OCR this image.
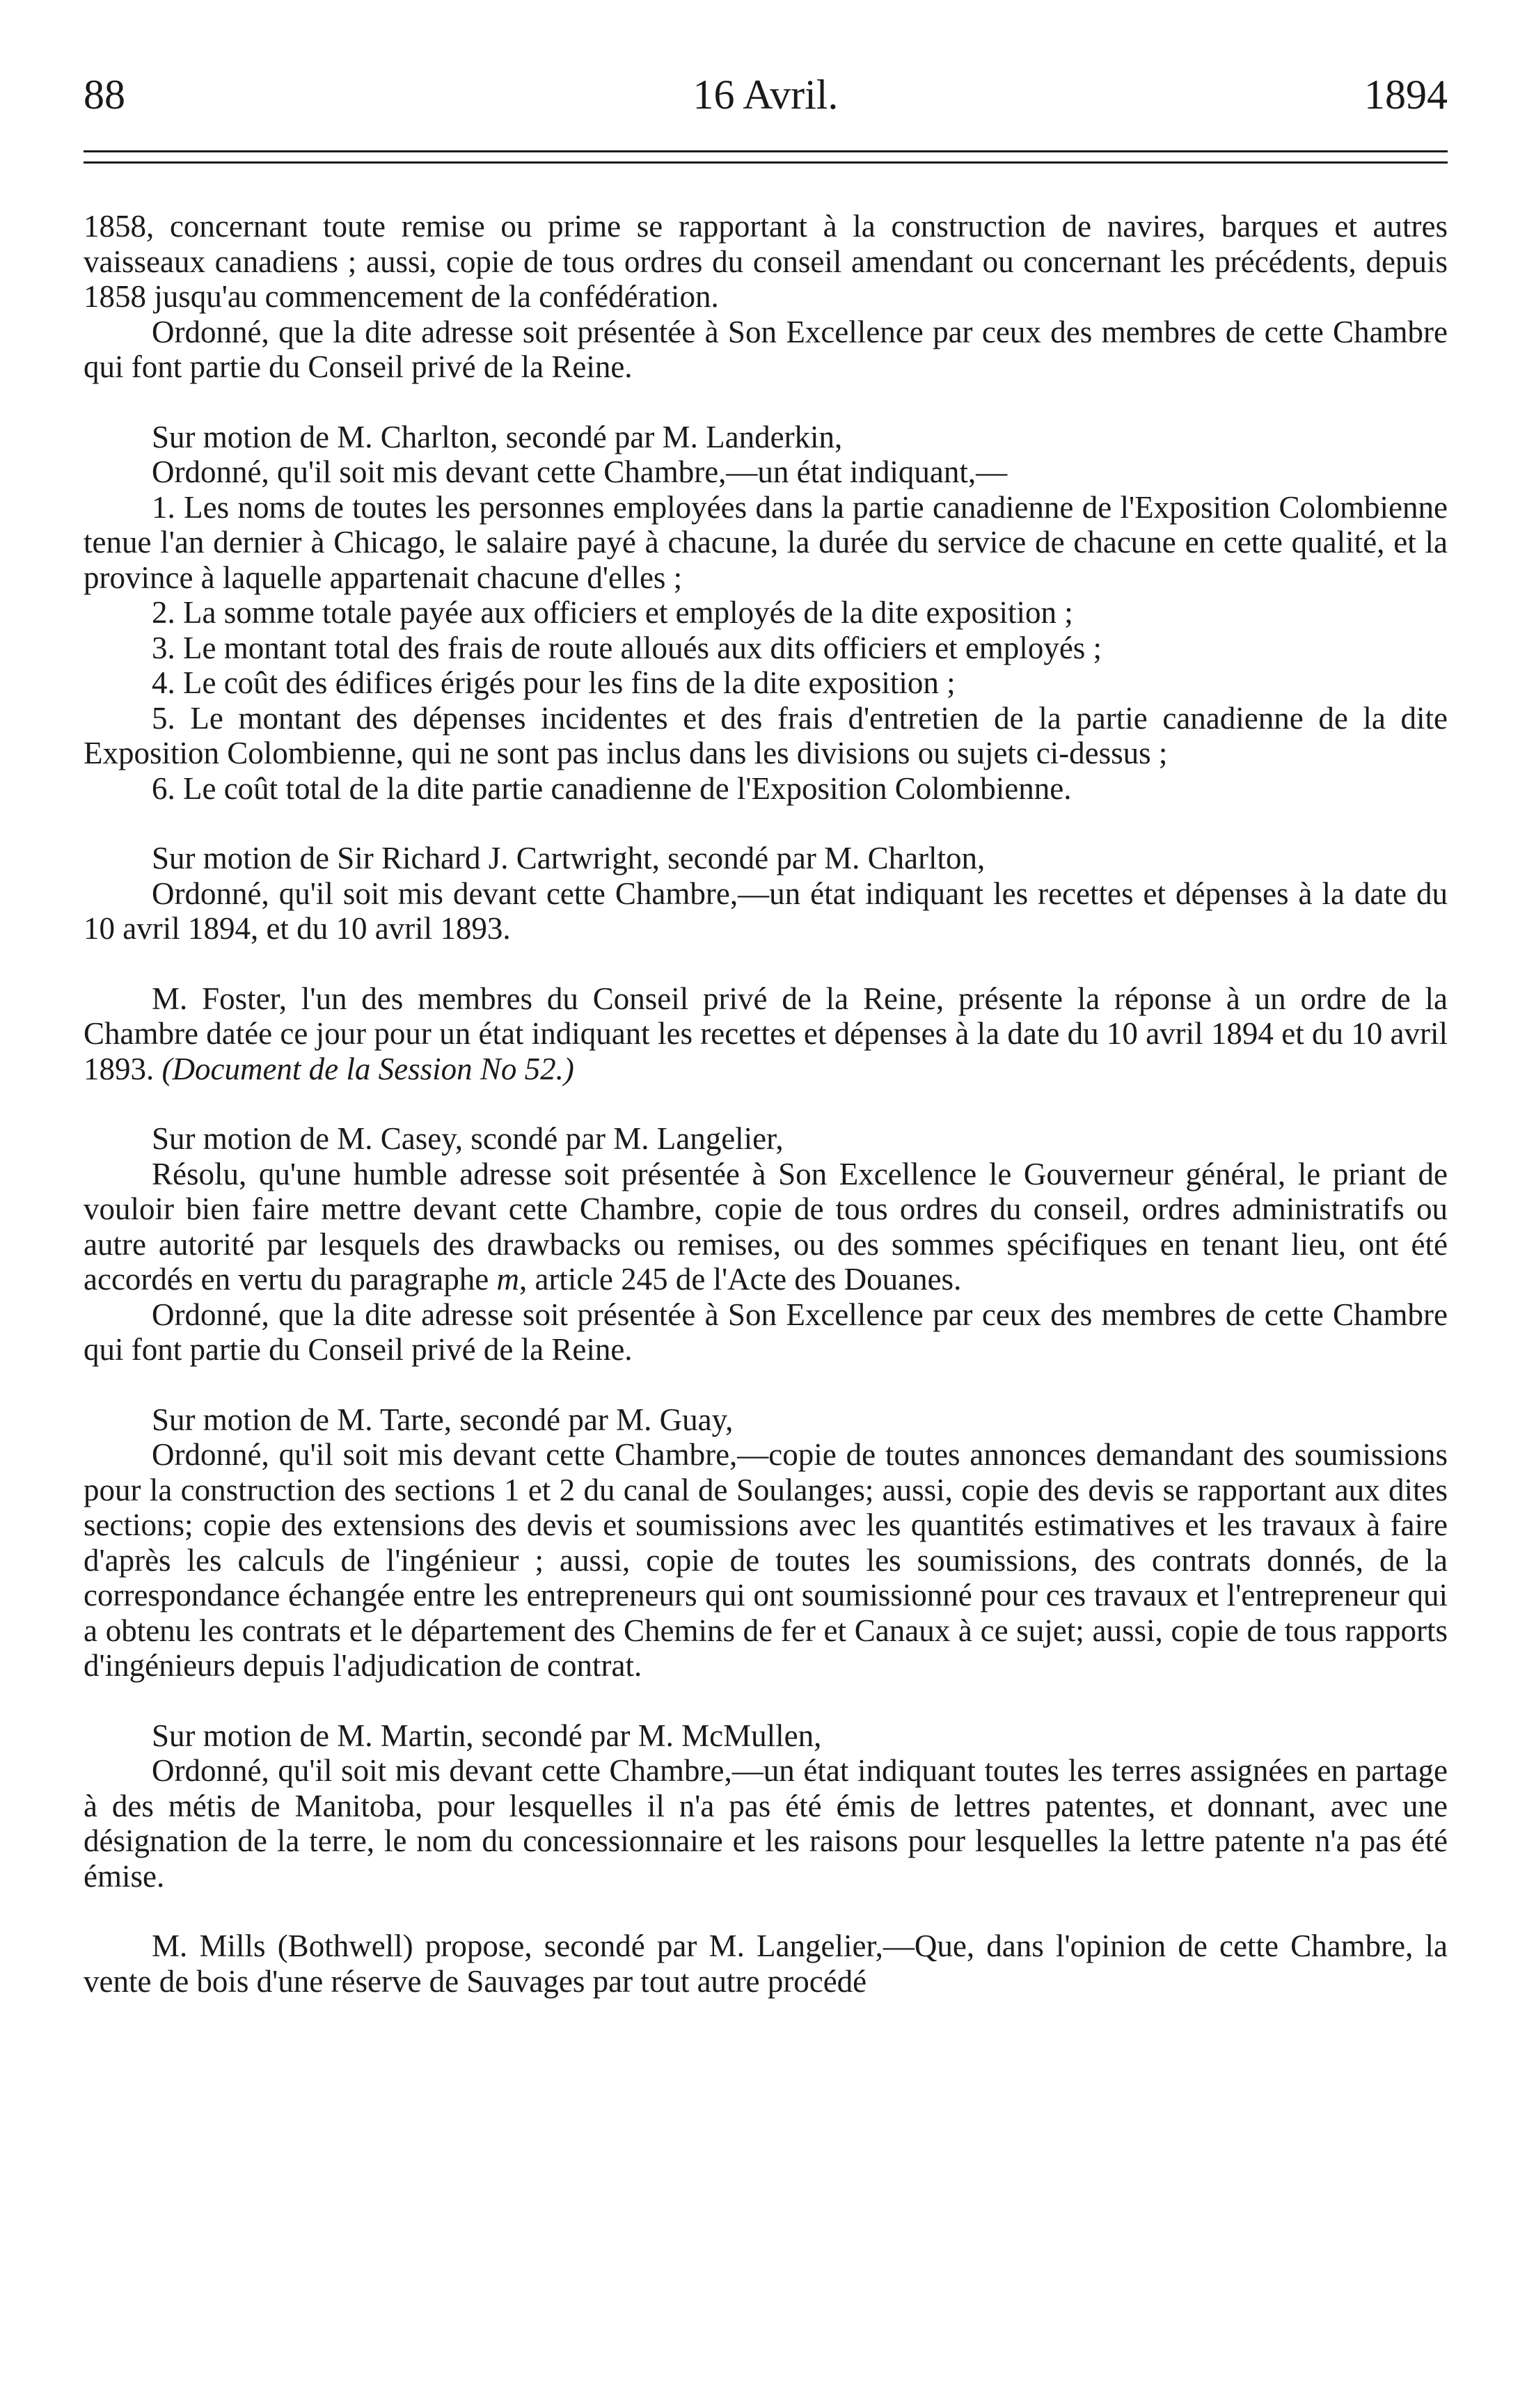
88	16 Avril.	1894

1858, concernant toute remise ou prime se rapportant à la construction de navires, barques et autres vaisseaux canadiens ; aussi, copie de tous ordres du conseil amendant ou concernant les précédents, depuis 1858 jusqu'au commencement de la confédération.

Ordonné, que la dite adresse soit présentée à Son Excellence par ceux des membres de cette Chambre qui font partie du Conseil privé de la Reine.

Sur motion de M. Charlton, secondé par M. Landerkin,

Ordonné, qu'il soit mis devant cette Chambre,—un état indiquant,—

1. Les noms de toutes les personnes employées dans la partie canadienne de l'Exposition Colombienne tenue l'an dernier à Chicago, le salaire payé à chacune, la durée du service de chacune en cette qualité, et la province à laquelle appartenait chacune d'elles ;

2. La somme totale payée aux officiers et employés de la dite exposition ;

3. Le montant total des frais de route alloués aux dits officiers et employés ;

4. Le coût des édifices érigés pour les fins de la dite exposition ;

5. Le montant des dépenses incidentes et des frais d'entretien de la partie canadienne de la dite Exposition Colombienne, qui ne sont pas inclus dans les divisions ou sujets ci-dessus ;

6. Le coût total de la dite partie canadienne de l'Exposition Colombienne.

Sur motion de Sir Richard J. Cartwright, secondé par M. Charlton,

Ordonné, qu'il soit mis devant cette Chambre,—un état indiquant les recettes et dépenses à la date du 10 avril 1894, et du 10 avril 1893.

M. Foster, l'un des membres du Conseil privé de la Reine, présente la réponse à un ordre de la Chambre datée ce jour pour un état indiquant les recettes et dépenses à la date du 10 avril 1894 et du 10 avril 1893. (Document de la Session No 52.)

Sur motion de M. Casey, scondé par M. Langelier,

Résolu, qu'une humble adresse soit présentée à Son Excellence le Gouverneur général, le priant de vouloir bien faire mettre devant cette Chambre, copie de tous ordres du conseil, ordres administratifs ou autre autorité par lesquels des drawbacks ou remises, ou des sommes spécifiques en tenant lieu, ont été accordés en vertu du paragraphe m, article 245 de l'Acte des Douanes.

Ordonné, que la dite adresse soit présentée à Son Excellence par ceux des membres de cette Chambre qui font partie du Conseil privé de la Reine.

Sur motion de M. Tarte, secondé par M. Guay,

Ordonné, qu'il soit mis devant cette Chambre,—copie de toutes annonces demandant des soumissions pour la construction des sections 1 et 2 du canal de Soulanges; aussi, copie des devis se rapportant aux dites sections; copie des extensions des devis et soumissions avec les quantités estimatives et les travaux à faire d'après les calculs de l'ingénieur ; aussi, copie de toutes les soumissions, des contrats donnés, de la correspondance échangée entre les entrepreneurs qui ont soumissionné pour ces travaux et l'entrepreneur qui a obtenu les contrats et le département des Chemins de fer et Canaux à ce sujet; aussi, copie de tous rapports d'ingénieurs depuis l'adjudication de contrat.

Sur motion de M. Martin, secondé par M. McMullen,

Ordonné, qu'il soit mis devant cette Chambre,—un état indiquant toutes les terres assignées en partage à des métis de Manitoba, pour lesquelles il n'a pas été émis de lettres patentes, et donnant, avec une désignation de la terre, le nom du concessionnaire et les raisons pour lesquelles la lettre patente n'a pas été émise.

M. Mills (Bothwell) propose, secondé par M. Langelier,—Que, dans l'opinion de cette Chambre, la vente de bois d'une réserve de Sauvages par tout autre procédé
